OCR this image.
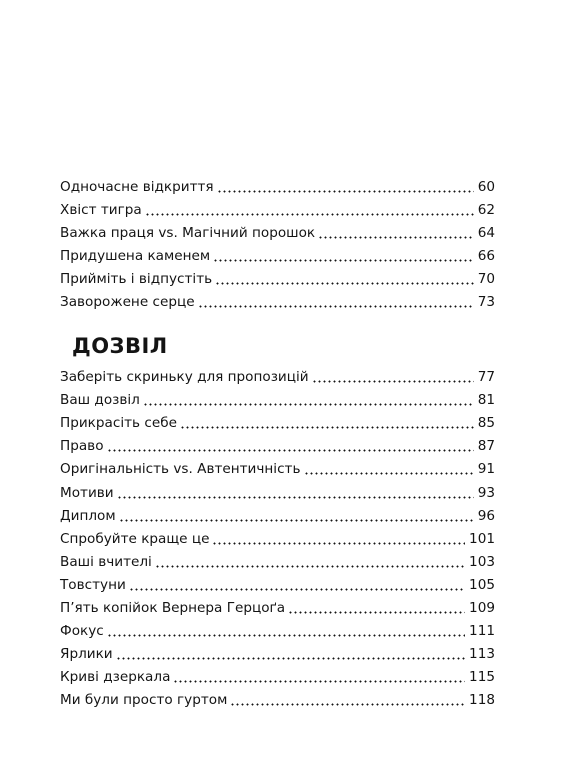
Одночасне відкриття	60
Хвіст тигра	62
Важка праця vs. Магічний порошок	64
Придушена каменем	66
Прийміть і відпустіть	70
Заворожене серце	73
ДОЗВІЛ
Заберіть скриньку для пропозицій	77
Ваш дозвіл	81
Прикрасіть себе	85
Право	87
Оригінальність vs. Автентичність	91
Мотиви	93
Диплом	96
Спробуйте краще це	101
Ваші вчителі	103
Товстуни	105
П’ять копійок Вернера Герцоґа	109
Фокус	111
Ярлики	113
Криві дзеркала	115
Ми були просто гуртом	118
